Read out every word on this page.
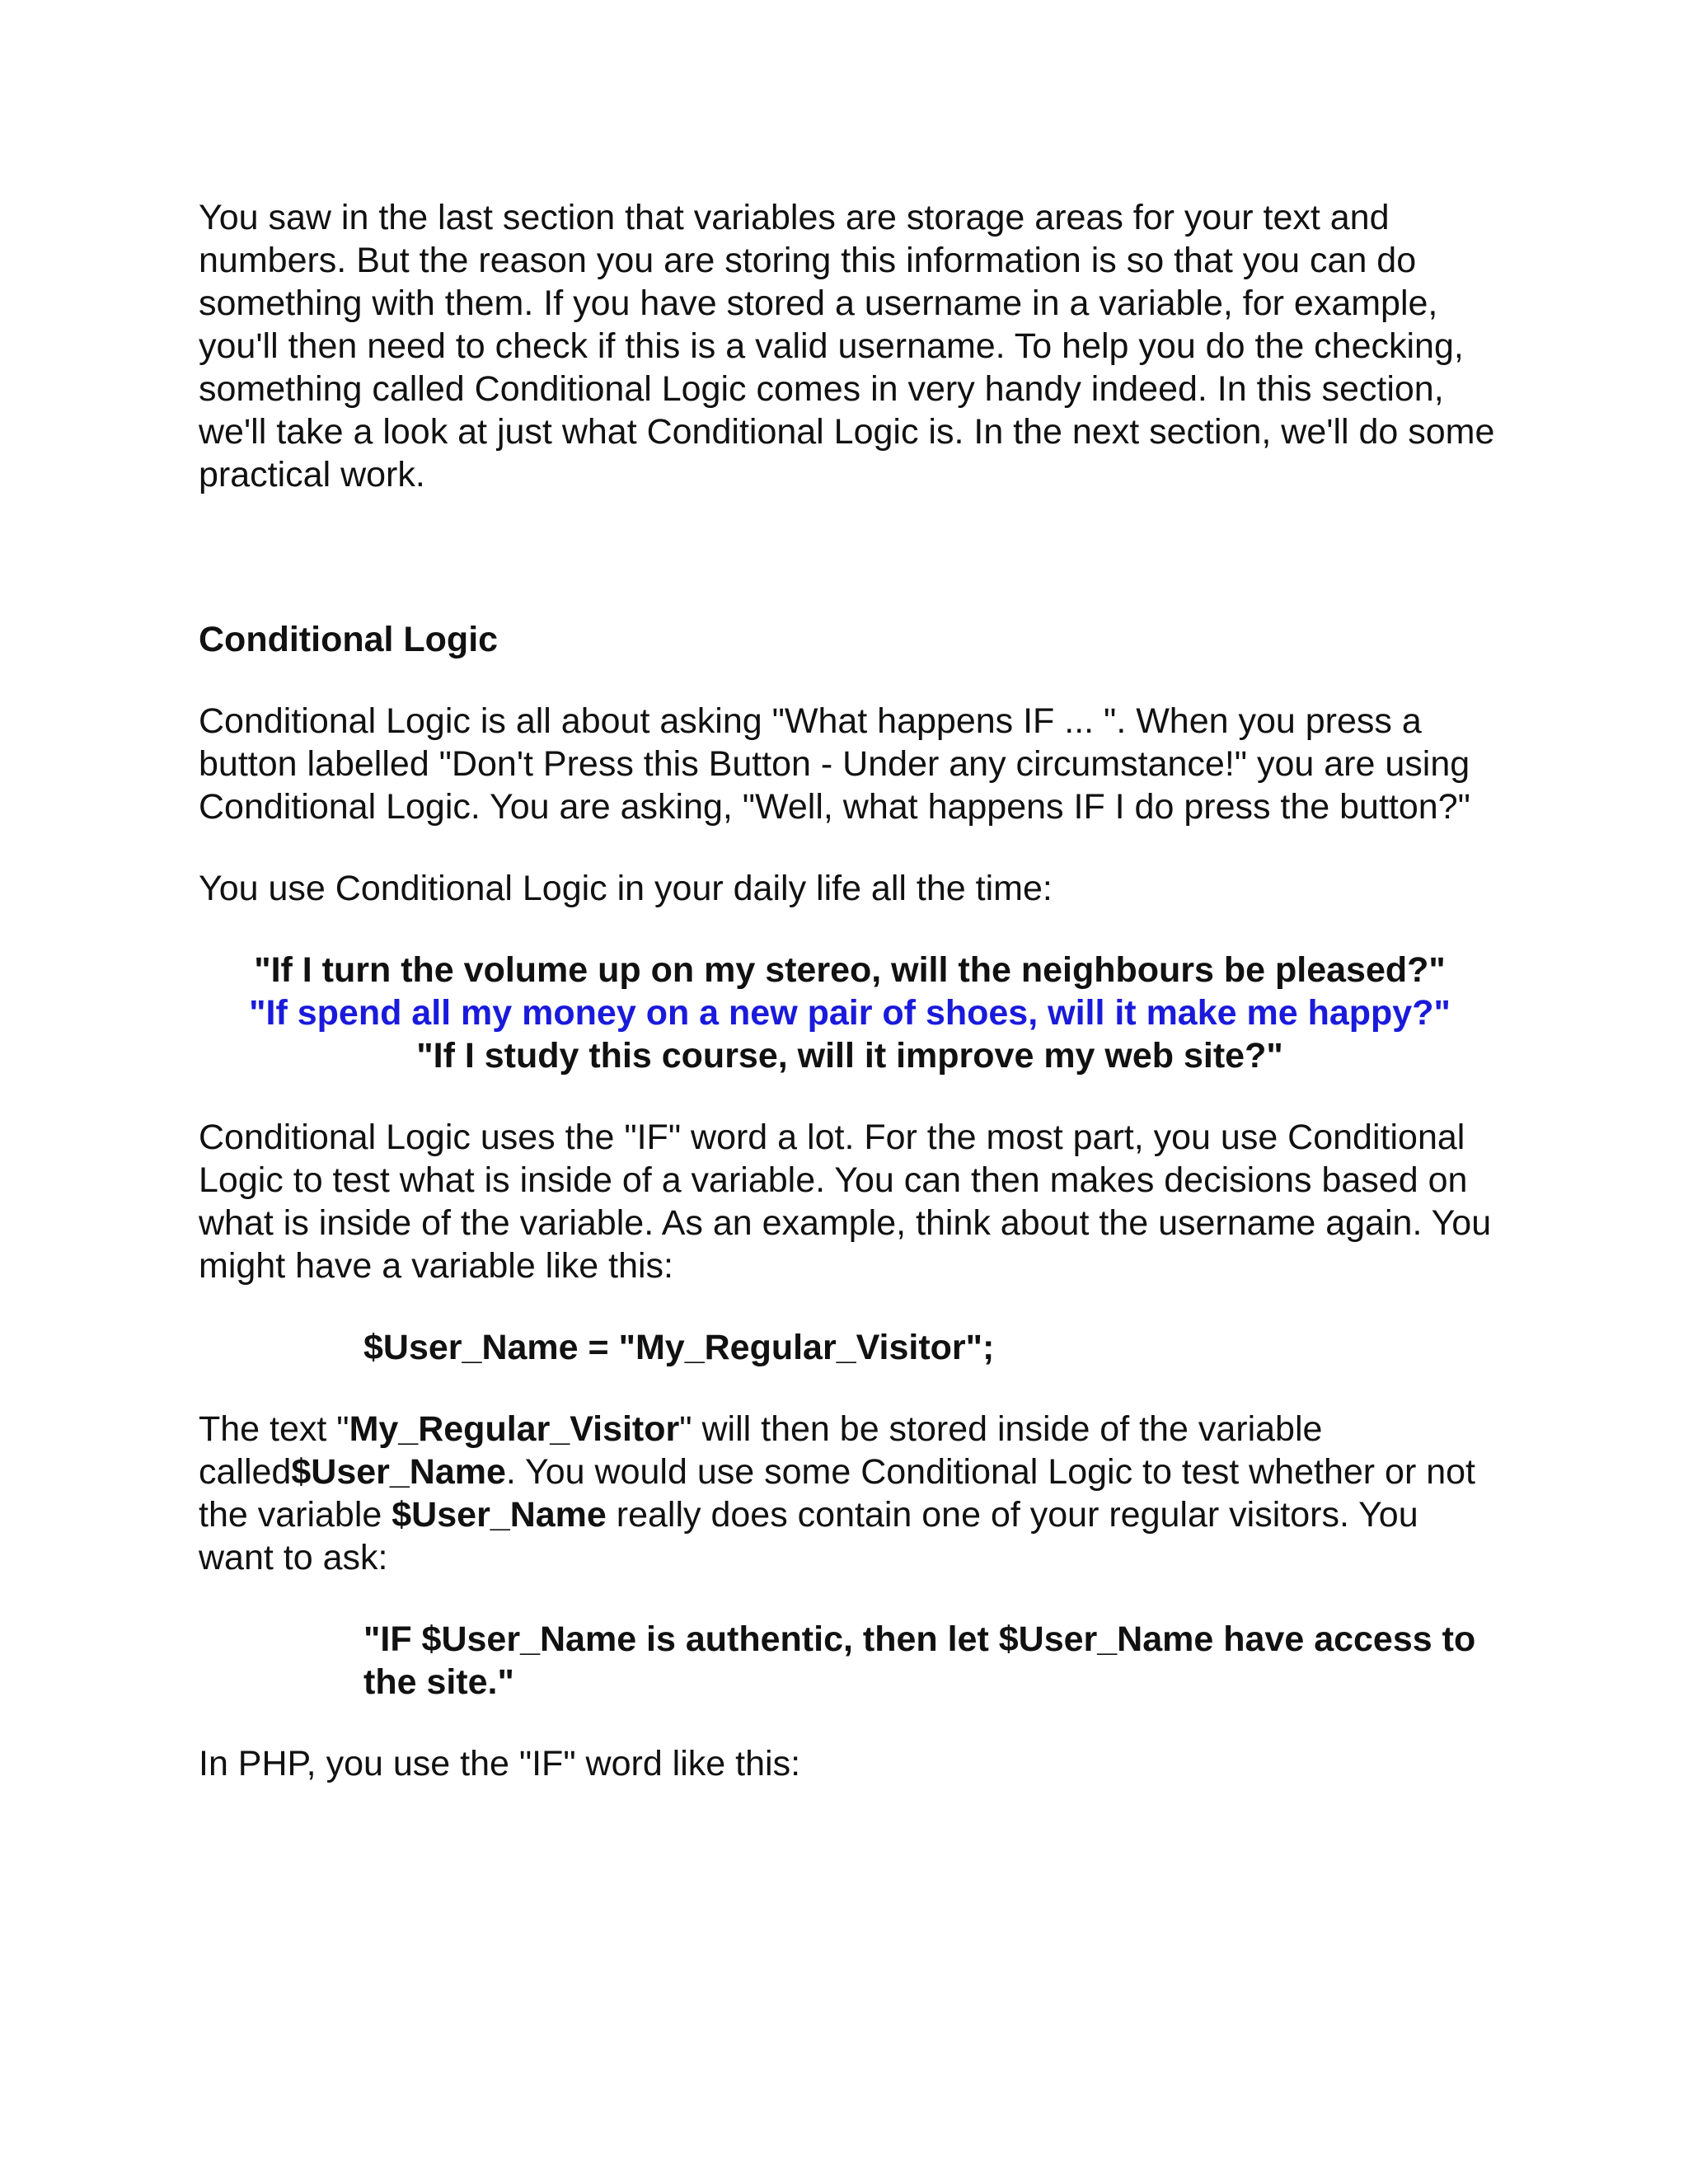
You saw in the last section that variables are storage areas for your text and numbers. But the reason you are storing this information is so that you can do something with them. If you have stored a username in a variable, for example, you'll then need to check if this is a valid username. To help you do the checking, something called Conditional Logic comes in very handy indeed. In this section, we'll take a look at just what Conditional Logic is. In the next section, we'll do some practical work.

Conditional Logic

Conditional Logic is all about asking "What happens IF ... ". When you press a button labelled "Don't Press this Button - Under any circumstance!" you are using Conditional Logic. You are asking, "Well, what happens IF I do press the button?"

You use Conditional Logic in your daily life all the time:

"If I turn the volume up on my stereo, will the neighbours be pleased?"
"If spend all my money on a new pair of shoes, will it make me happy?"
"If I study this course, will it improve my web site?"

Conditional Logic uses the "IF" word a lot. For the most part, you use Conditional Logic to test what is inside of a variable. You can then makes decisions based on what is inside of the variable. As an example, think about the username again. You might have a variable like this:

$User_Name = "My_Regular_Visitor";

The text "My_Regular_Visitor" will then be stored inside of the variable called$User_Name. You would use some Conditional Logic to test whether or not the variable $User_Name really does contain one of your regular visitors. You want to ask:

"IF $User_Name is authentic, then let $User_Name have access to the site."

In PHP, you use the "IF" word like this:
